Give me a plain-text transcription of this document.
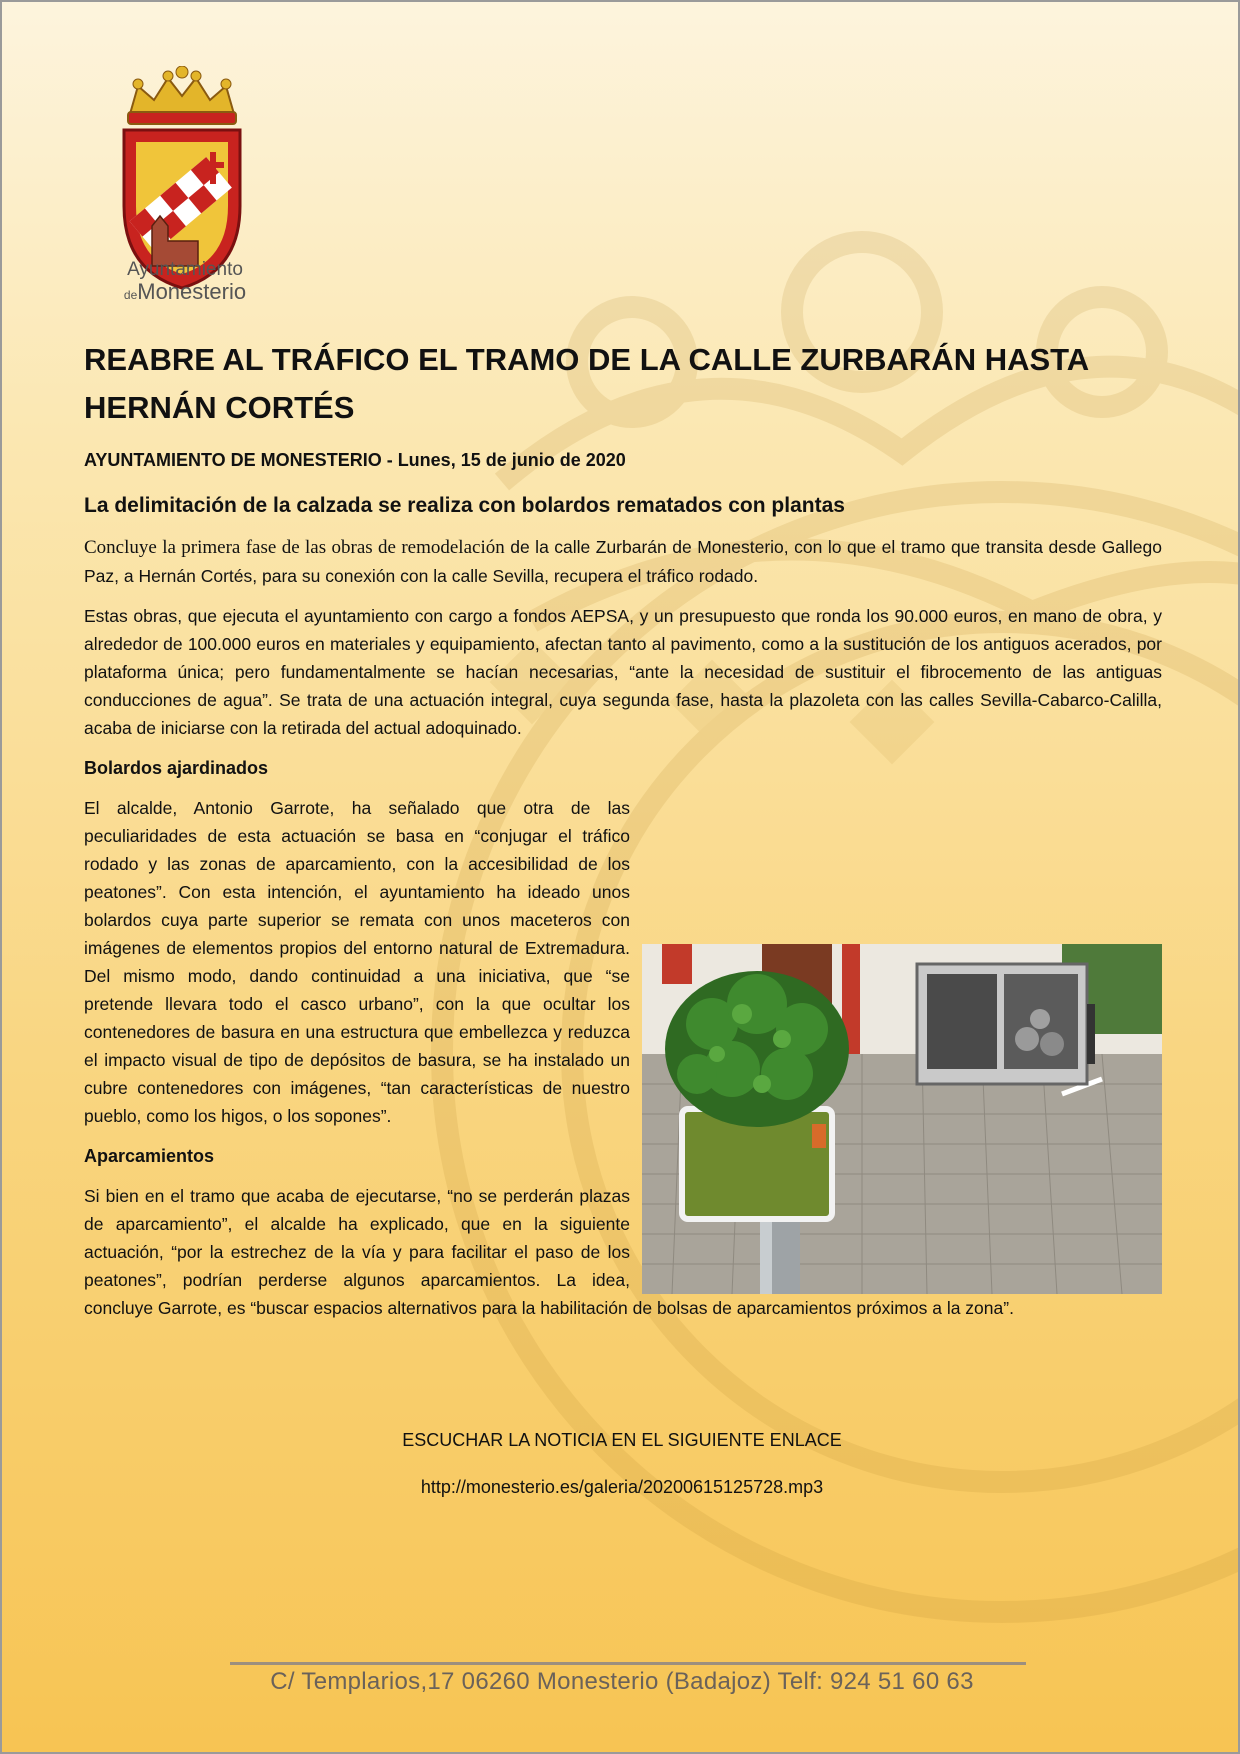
Ayuntamiento
deMonesterio
REABRE AL TRÁFICO EL TRAMO DE LA CALLE ZURBARÁN HASTA HERNÁN CORTÉS
AYUNTAMIENTO DE MONESTERIO - Lunes, 15 de junio de 2020
La delimitación de la calzada se realiza con bolardos rematados con plantas

Concluye la primera fase de las obras de remodelación de la calle Zurbarán de Monesterio, con lo que el tramo que transita desde Gallego Paz, a Hernán Cortés, para su conexión con la calle Sevilla, recupera el tráfico rodado.

Estas obras, que ejecuta el ayuntamiento con cargo a fondos AEPSA, y un presupuesto que ronda los 90.000 euros, en mano de obra, y alrededor de 100.000 euros en materiales y equipamiento, afectan tanto al pavimento, como a la sustitución de los antiguos acerados, por plataforma única; pero fundamentalmente se hacían necesarias, “ante la necesidad de sustituir el fibrocemento de las antiguas conducciones de agua”. Se trata de una actuación integral, cuya segunda fase, hasta la plazoleta con las calles Sevilla-Cabarco-Calilla, acaba de iniciarse con la retirada del actual adoquinado.

Bolardos ajardinados

El alcalde, Antonio Garrote, ha señalado que otra de las peculiaridades de esta actuación se basa en “conjugar el tráfico rodado y las zonas de aparcamiento, con la accesibilidad de los peatones”. Con esta intención, el ayuntamiento ha ideado unos bolardos cuya parte superior se remata con unos maceteros con imágenes de elementos propios del entorno natural de Extremadura. Del mismo modo, dando continuidad a una iniciativa, que “se pretende llevara todo el casco urbano”, con la que ocultar los contenedores de basura en una estructura que embellezca y reduzca el impacto visual de tipo de depósitos de basura, se ha instalado un cubre contenedores con imágenes, “tan características de nuestro pueblo, como los higos, o los sopones”.

Aparcamientos

Si bien en el tramo que acaba de ejecutarse, “no se perderán plazas de aparcamiento”, el alcalde ha explicado, que en la siguiente actuación, “por la estrechez de la vía y para facilitar el paso de los peatones”, podrían perderse algunos aparcamientos. La idea, concluye Garrote, es “buscar espacios alternativos para la habilitación de bolsas de aparcamientos próximos a la zona”.

ESCUCHAR LA NOTICIA EN EL SIGUIENTE ENLACE
http://monesterio.es/galeria/20200615125728.mp3
C/ Templarios,17 06260 Monesterio (Badajoz) Telf: 924 51 60 63
